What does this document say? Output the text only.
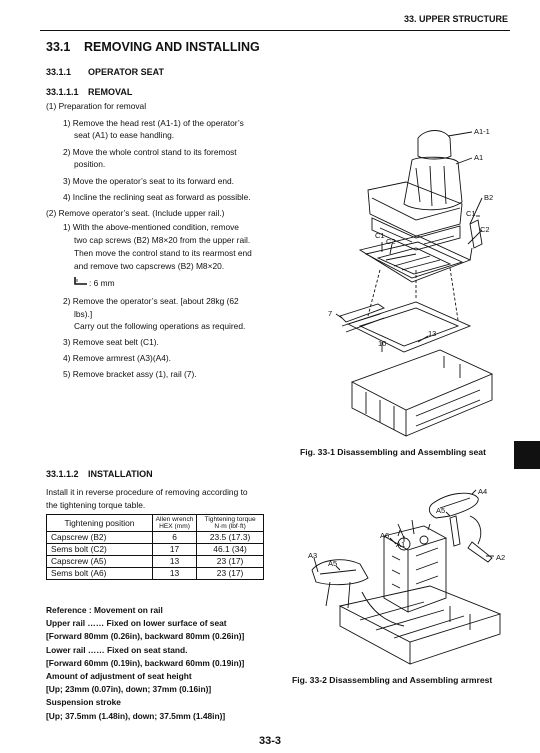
33. UPPER STRUCTURE
33.1 REMOVING AND INSTALLING
33.1.1 OPERATOR SEAT
33.1.1.1 REMOVAL
(1) Preparation for removal
1) Remove the head rest (A1-1) of the operator’s
seat (A1) to ease handling.
2) Move the whole control stand to its foremost
position.
3) Move the operator’s seat to its forward end.
4) Incline the reclining seat as forward as possible.
(2) Remove operator’s seat. (Include upper rail.)
1) With the above-mentioned condition, remove
two cap screws (B2) M8×20 from the upper rail.
Then move the control stand to its rearmost end
and remove two capscrews (B2) M8×20.
: 6 mm
2) Remove the operator’s seat. [about 28kg (62
lbs).]
Carry out the following operations as required.
3) Remove seat belt (C1).
4) Remove armrest (A3)(A4).
5) Remove bracket assy (1), rail (7).
A1-1
A1
B2
C1
C2
C1
C2
7
10
13
Fig. 33-1 Disassembling and Assembling seat
33.1.1.2 INSTALLATION
Install it in reverse procedure of removing according to
the tightening torque table.
Tightening position	Allen wrench HEX (mm)	Tightening torque N·m (lbf·ft)
Capscrew (B2)	6	23.5 (17.3)
Sems bolt (C2)	17	46.1 (34)
Capscrew (A5)	13	23 (17)
Sems bolt (A6)	13	23 (17)
Reference : Movement on rail
Upper rail …… Fixed on lower surface of seat
[Forward 80mm (0.26in), backward 80mm (0.26in)]
Lower rail …… Fixed on seat stand.
[Forward 60mm (0.19in), backward 60mm (0.19in)]
Amount of adjustment of seat height
[Up; 23mm (0.07in), down; 37mm (0.16in)]
Suspension stroke
[Up; 37.5mm (1.48in), down; 37.5mm (1.48in)]
A4
A5
A6
A1
A3
A5
A2
Fig. 33-2 Disassembling and Assembling armrest
33-3
